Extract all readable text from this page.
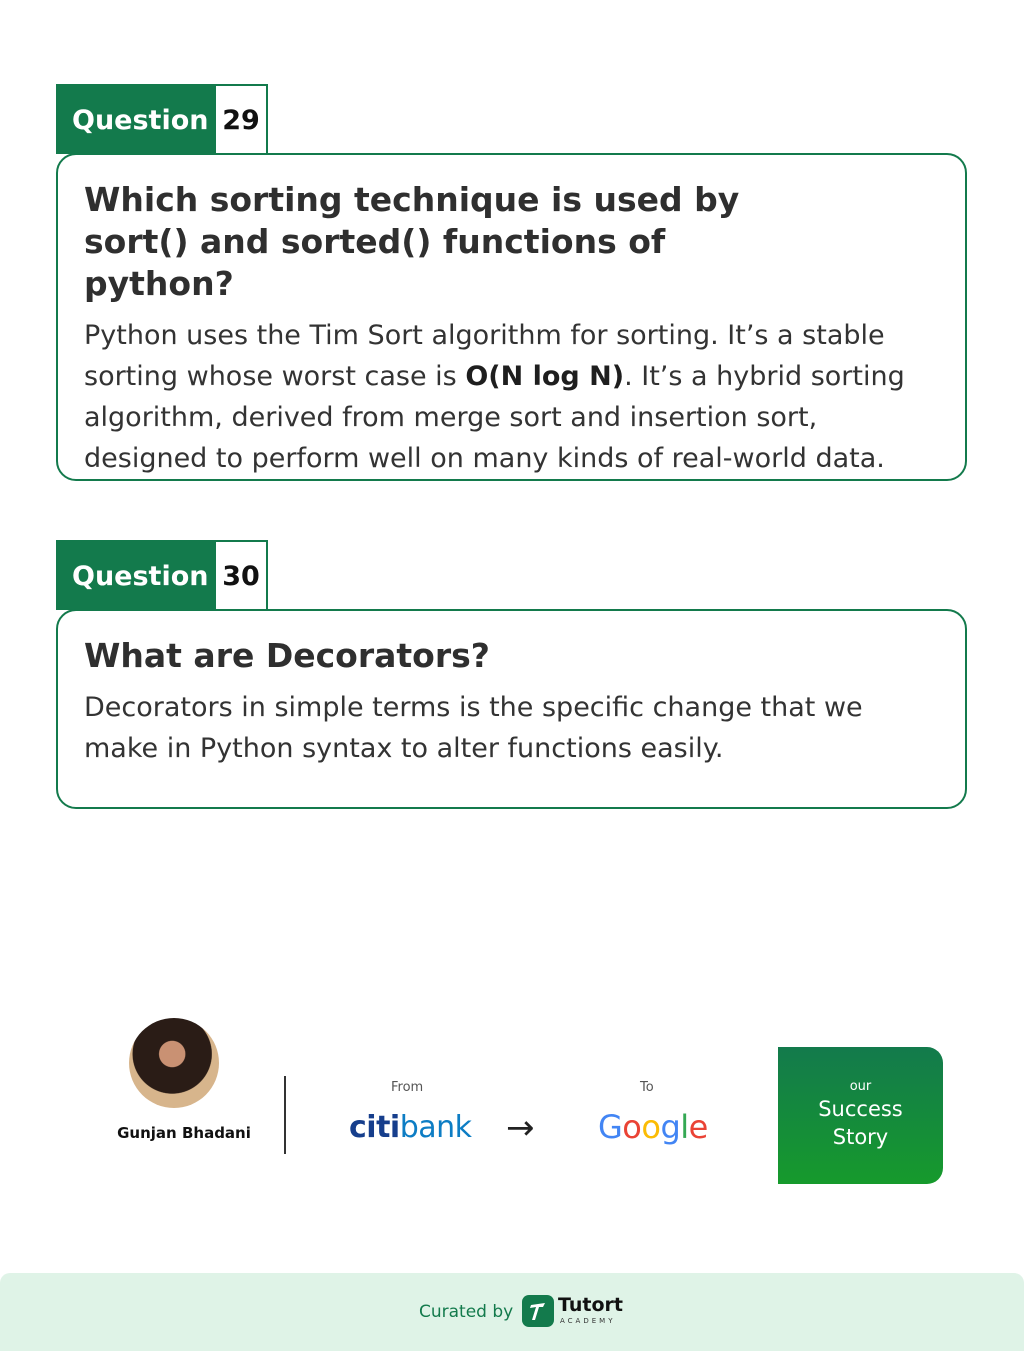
Question 29
Which sorting technique is used by sort() and sorted() functions of python?

Python uses the Tim Sort algorithm for sorting. It’s a stable sorting whose worst case is O(N log N). It’s a hybrid sorting algorithm, derived from merge sort and insertion sort, designed to perform well on many kinds of real-world data.

Question 30
What are Decorators?

Decorators in simple terms is the specific change that we make in Python syntax to alter functions easily.

Gunjan Bhadani
From
citibank →
To
Google
our
Success
Story
Curated by Tutort
ACADEMY
